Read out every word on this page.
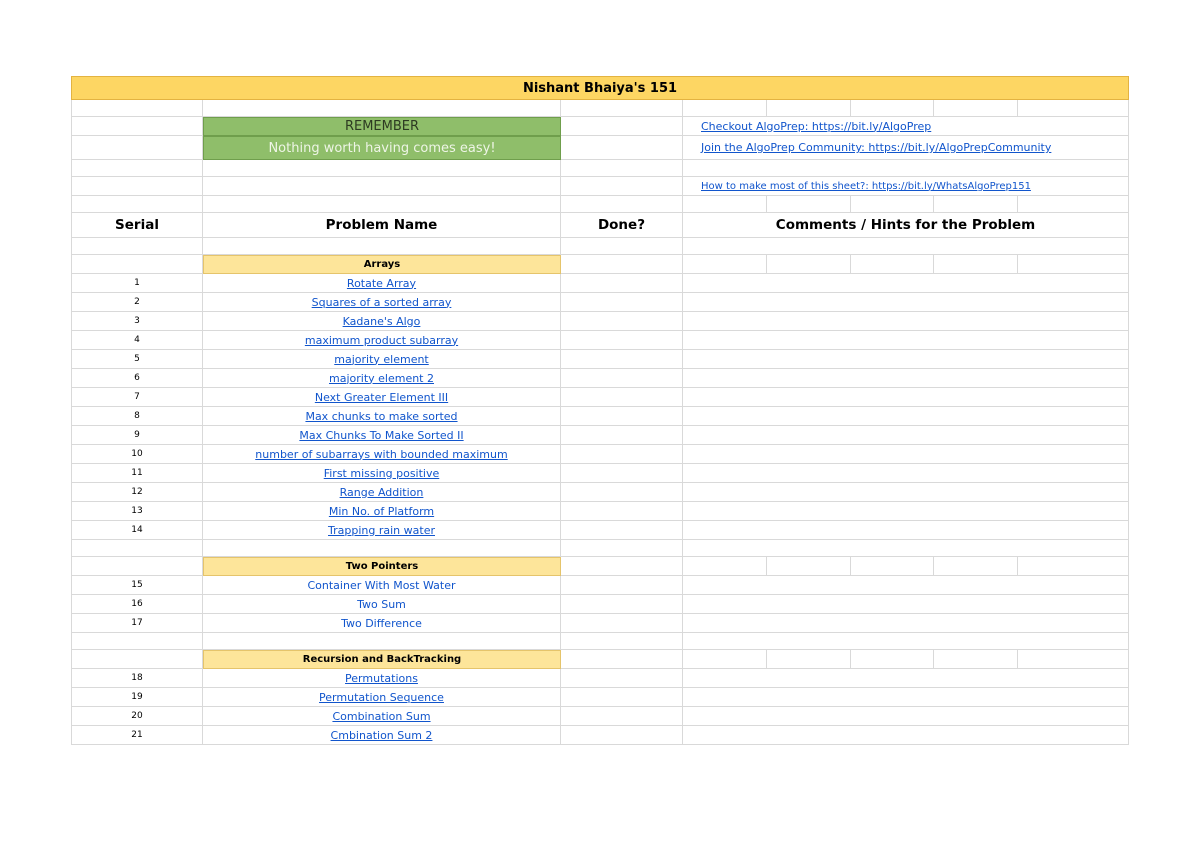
Nishant Bhaiya's 151
REMEMBER	Checkout AlgoPrep: https://bit.ly/AlgoPrep
Nothing worth having comes easy!	Join the AlgoPrep Community: https://bit.ly/AlgoPrepCommunity
How to make most of this sheet?: https://bit.ly/WhatsAlgoPrep151
Serial	Problem Name	Done?	Comments / Hints for the Problem
Arrays
1	Rotate Array
2	Squares of a sorted array
3	Kadane's Algo
4	maximum product subarray
5	majority element
6	majority element 2
7	Next Greater Element III
8	Max chunks to make sorted
9	Max Chunks To Make Sorted II
10	number of subarrays with bounded maximum
11	First missing positive
12	Range Addition
13	Min No. of Platform
14	Trapping rain water
Two Pointers
15	Container With Most Water
16	Two Sum
17	Two Difference
Recursion and BackTracking
18	Permutations
19	Permutation Sequence
20	Combination Sum
21	Cmbination Sum 2
